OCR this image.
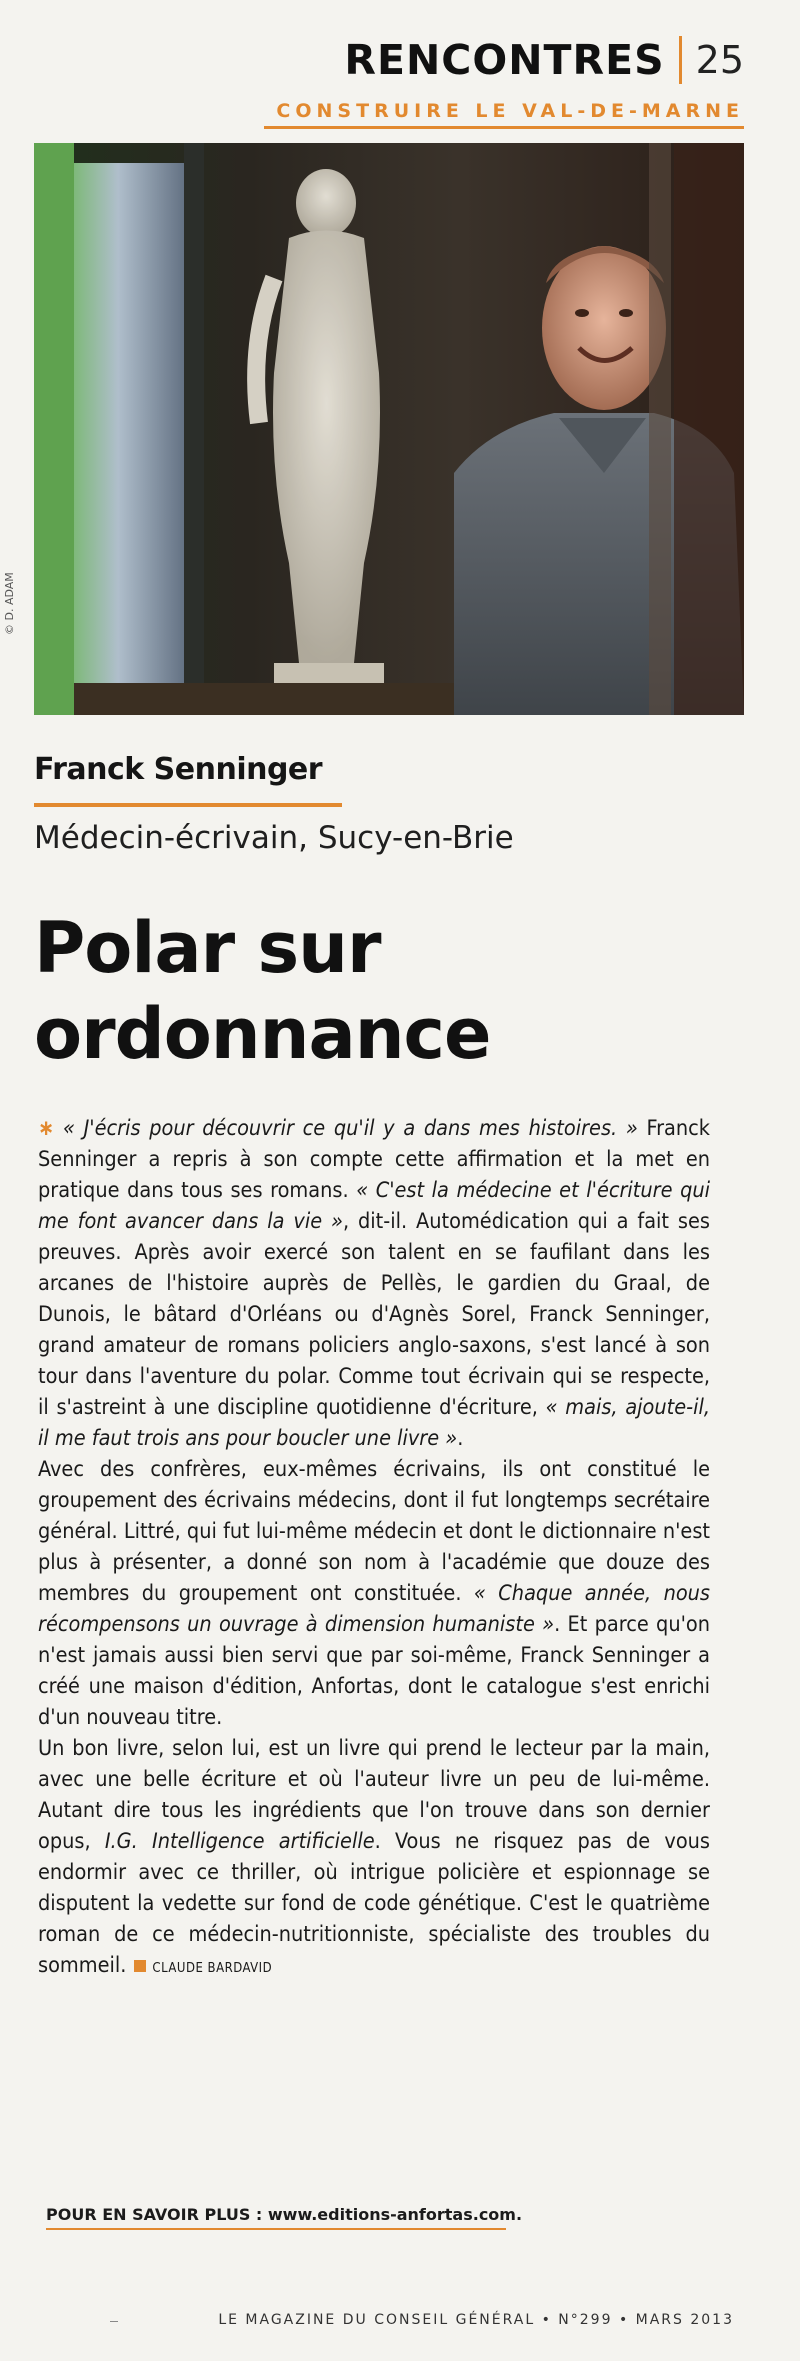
RENCONTRES 25
CONSTRUIRE LE VAL-DE-MARNE
© D. ADAM
Franck Senninger
Médecin-écrivain, Sucy-en-Brie
Polar sur ordonnance

∗ « J'écris pour découvrir ce qu'il y a dans mes histoires. » Franck Senninger a repris à son compte cette affirmation et la met en pratique dans tous ses romans. « C'est la médecine et l'écriture qui me font avancer dans la vie », dit-il. Automédication qui a fait ses preuves. Après avoir exercé son talent en se faufilant dans les arcanes de l'histoire auprès de Pellès, le gardien du Graal, de Dunois, le bâtard d'Orléans ou d'Agnès Sorel, Franck Senninger, grand amateur de romans policiers anglo-saxons, s'est lancé à son tour dans l'aventure du polar. Comme tout écrivain qui se respecte, il s'astreint à une discipline quotidienne d'écriture, « mais, ajoute-il, il me faut trois ans pour boucler une livre ».

Avec des confrères, eux-mêmes écrivains, ils ont constitué le groupement des écrivains médecins, dont il fut longtemps secrétaire général. Littré, qui fut lui-même médecin et dont le dictionnaire n'est plus à présenter, a donné son nom à l'académie que douze des membres du groupement ont constituée. « Chaque année, nous récompensons un ouvrage à dimension humaniste ». Et parce qu'on n'est jamais aussi bien servi que par soi-même, Franck Senninger a créé une maison d'édition, Anfortas, dont le catalogue s'est enrichi d'un nouveau titre.

Un bon livre, selon lui, est un livre qui prend le lecteur par la main, avec une belle écriture et où l'auteur livre un peu de lui-même. Autant dire tous les ingrédients que l'on trouve dans son dernier opus, I.G. Intelligence artificielle. Vous ne risquez pas de vous endormir avec ce thriller, où intrigue policière et espionnage se disputent la vedette sur fond de code génétique. C'est le quatrième roman de ce médecin-nutritionniste, spécialiste des troubles du sommeil. CLAUDE BARDAVID

POUR EN SAVOIR PLUS : www.editions-anfortas.com.
LE MAGAZINE DU CONSEIL GÉNÉRAL • N°299 • MARS 2013
